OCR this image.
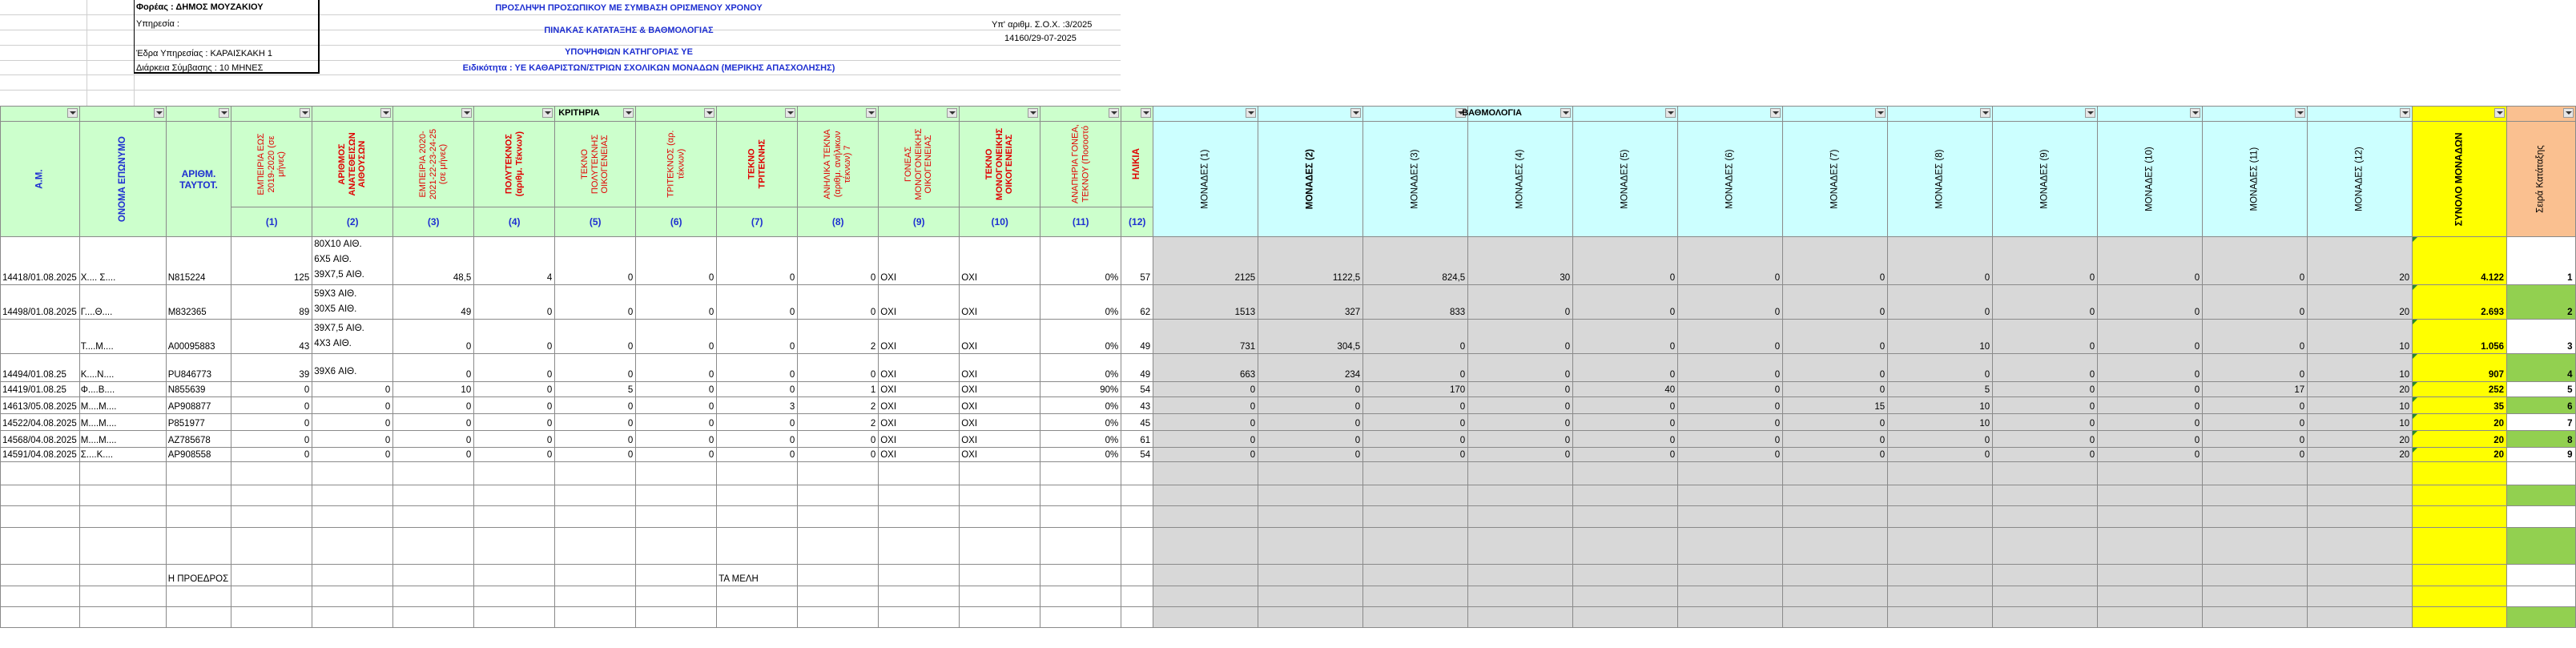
Φορέας : ΔΗΜΟΣ ΜΟΥΖΑΚΙΟΥ
Υπηρεσία :
Έδρα Υπηρεσίας : ΚΑΡΑΙΣΚΑΚΗ 1
Διάρκεια Σύμβασης : 10 ΜΗΝΕΣ
ΠΡΟΣΛΗΨΗ ΠΡΟΣΩΠΙΚΟΥ ΜΕ ΣΥΜΒΑΣΗ ΟΡΙΣΜΕΝΟΥ ΧΡΟΝΟΥ
ΠΙΝΑΚΑΣ ΚΑΤΑΤΑΞΗΣ & ΒΑΘΜΟΛΟΓΙΑΣ
ΥΠΟΨΗΦΙΩΝ ΚΑΤΗΓΟΡΙΑΣ ΥΕ
Ειδικότητα : ΥΕ ΚΑΘΑΡΙΣΤΩΝ/ΣΤΡΙΩΝ ΣΧΟΛΙΚΩΝ ΜΟΝΑΔΩΝ (ΜΕΡΙΚΗΣ ΑΠΑΣΧΟΛΗΣΗΣ)
Υπ' αριθμ. Σ.Ο.Χ. :3/2025
14160/29-07-2025

							ΚΡΙΤΗΡΙΑ											ΒΑΘΜΟΛΟΓΙΑ										

Α.Μ.	ΟΝΟΜΑ ΕΠΩΝΥΜΟ	ΑΡΙΘΜ. ΤΑΥΤΟΤ.	ΕΜΠΕΙΡΙΑ ΕΩΣ 2019-2020 (σε μήνες)	ΑΡΙΘΜΟΣ ΑΝΑΤΕΘΕΙΣΩΝ ΑΙΘΟΥΣΩΝ	ΕΜΠΕΙΡΙΑ 2020-2021-22-23-24-25 (σε μήνες)	ΠΟΛΥΤΕΚΝΟΣ (αριθμ. Τέκνων)	ΤΕΚΝΟ ΠΟΛΥΤΕΚΝΗΣ ΟΙΚΟΓΕΝΕΙΑΣ	ΤΡΙΤΕΚΝΟΣ (αρ. τέκνων)	ΤΕΚΝΟ ΤΡΙΤΕΚΝΗΣ	ΑΝΗΛΙΚΑ ΤΕΚΝΑ (αριθμ. ανήλικων τέκνων) 7	ΓΟΝΕΑΣ ΜΟΝΟΓΟΝΕΙΚΗΣ ΟΙΚΟΓΕΝΕΙΑΣ	ΤΕΚΝΟ ΜΟΝΟΓΟΝΕΙΚΗΣ ΟΙΚΟΓΕΝΕΙΑΣ	ΑΝΑΠΗΡΙΑ ΓΟΝΕΑ, ΤΕΚΝΟΥ (Ποσοστό	ΗΛΙΚΙΑ	ΜΟΝΑΔΕΣ (1)	ΜΟΝΑΔΕΣ (2)	ΜΟΝΑΔΕΣ (3)	ΜΟΝΑΔΕΣ (4)	ΜΟΝΑΔΕΣ (5)	ΜΟΝΑΔΕΣ (6)	ΜΟΝΑΔΕΣ (7)	ΜΟΝΑΔΕΣ (8)	ΜΟΝΑΔΕΣ (9)	ΜΟΝΑΔΕΣ (10)	ΜΟΝΑΔΕΣ (11)	ΜΟΝΑΔΕΣ (12)	ΣΥΝΟΛΟ ΜΟΝΑΔΩΝ	Σειρά Κατάταξης

			(1)	(2)	(3)	(4)	(5)	(6)	(7)	(8)	(9)	(10)	(11)	(12)														
14418/01.08.2025	Χ.... Σ....	N815224	125	80X10 ΑΙΘ.
6X5 ΑΙΘ.
39X7,5 ΑΙΘ.	48,5	4	0	0	0	0	ΟΧΙ	ΟΧΙ	0%	57	2125	1122,5	824,5	30	0	0	0	0	0	0	0	20	4.122	1
14498/01.08.2025	Γ....Θ....	M832365	89	59X3 ΑΙΘ.
30X5 ΑΙΘ.	49	0	0	0	0	0	ΟΧΙ	ΟΧΙ	0%	62	1513	327	833	0	0	0	0	0	0	0	0	20	2.693	2
	Τ....Μ....	A00095883	43	39X7,5 ΑΙΘ.
4X3 ΑΙΘ.	0	0	0	0	0	2	ΟΧΙ	ΟΧΙ	0%	49	731	304,5	0	0	0	0	0	10	0	0	0	10	1.056	3
14494/01.08.25	Κ....Ν....	PU846773	39	39X6 ΑΙΘ.	0	0	0	0	0	0	ΟΧΙ	ΟΧΙ	0%	49	663	234	0	0	0	0	0	0	0	0	0	10	907	4
14419/01.08.25	Φ....Β....	N855639	0	0	10	0	5	0	0	1	ΟΧΙ	ΟΧΙ	90%	54	0	0	170	0	40	0	0	5	0	0	17	20	252	5
14613/05.08.2025	Μ....Μ....	AP908877	0	0	0	0	0	0	3	2	ΟΧΙ	ΟΧΙ	0%	43	0	0	0	0	0	0	15	10	0	0	0	10	35	6
14522/04.08.2025	Μ....Μ....	P851977	0	0	0	0	0	0	0	2	ΟΧΙ	ΟΧΙ	0%	45	0	0	0	0	0	0	0	10	0	0	0	10	20	7
14568/04.08.2025	Μ....Μ....	AZ785678	0	0	0	0	0	0	0	0	ΟΧΙ	ΟΧΙ	0%	61	0	0	0	0	0	0	0	0	0	0	0	20	20	8
14591/04.08.2025	Σ....Κ....	AP908558	0	0	0	0	0	0	0	0	ΟΧΙ	ΟΧΙ	0%	54	0	0	0	0	0	0	0	0	0	0	0	20	20	9

		Η ΠΡΟΕΔΡΟΣ							ΤΑ ΜΕΛΗ																			
